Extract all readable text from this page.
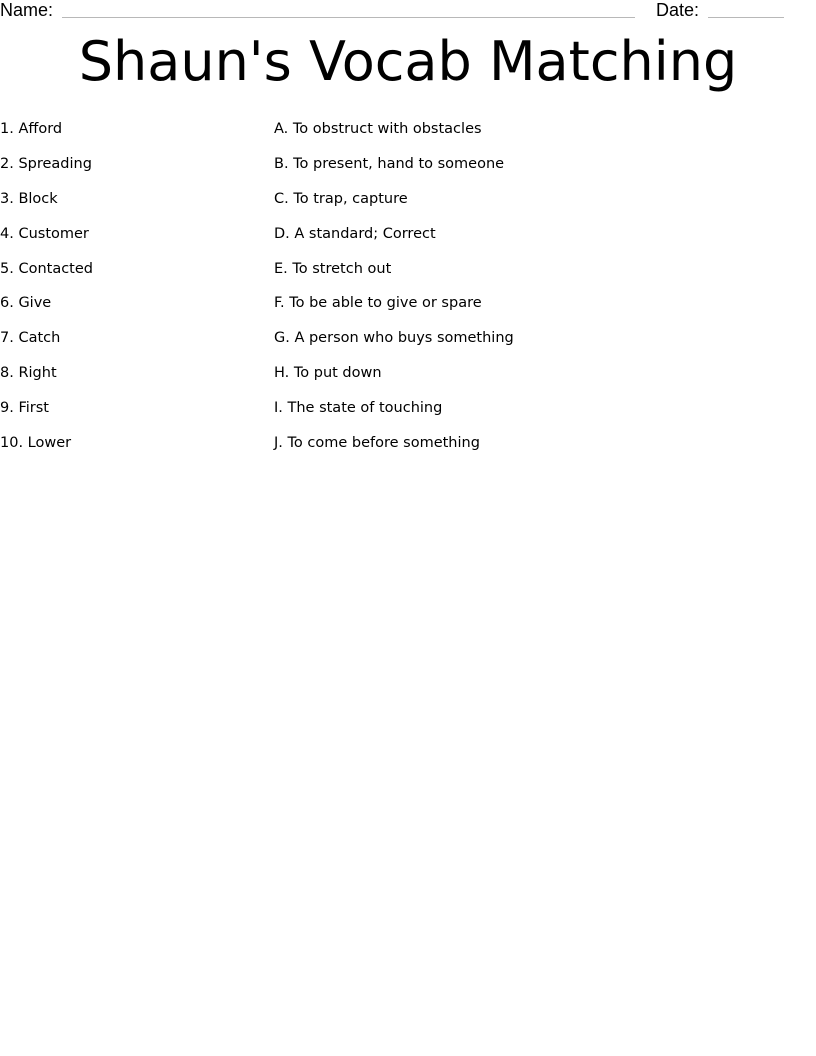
Name:	Date:
Shaun's Vocab Matching
1. Afford
2. Spreading
3. Block
4. Customer
5. Contacted
6. Give
7. Catch
8. Right
9. First
10. Lower
A. To obstruct with obstacles
B. To present, hand to someone
C. To trap, capture
D. A standard; Correct
E. To stretch out
F. To be able to give or spare
G. A person who buys something
H. To put down
I. The state of touching
J. To come before something
